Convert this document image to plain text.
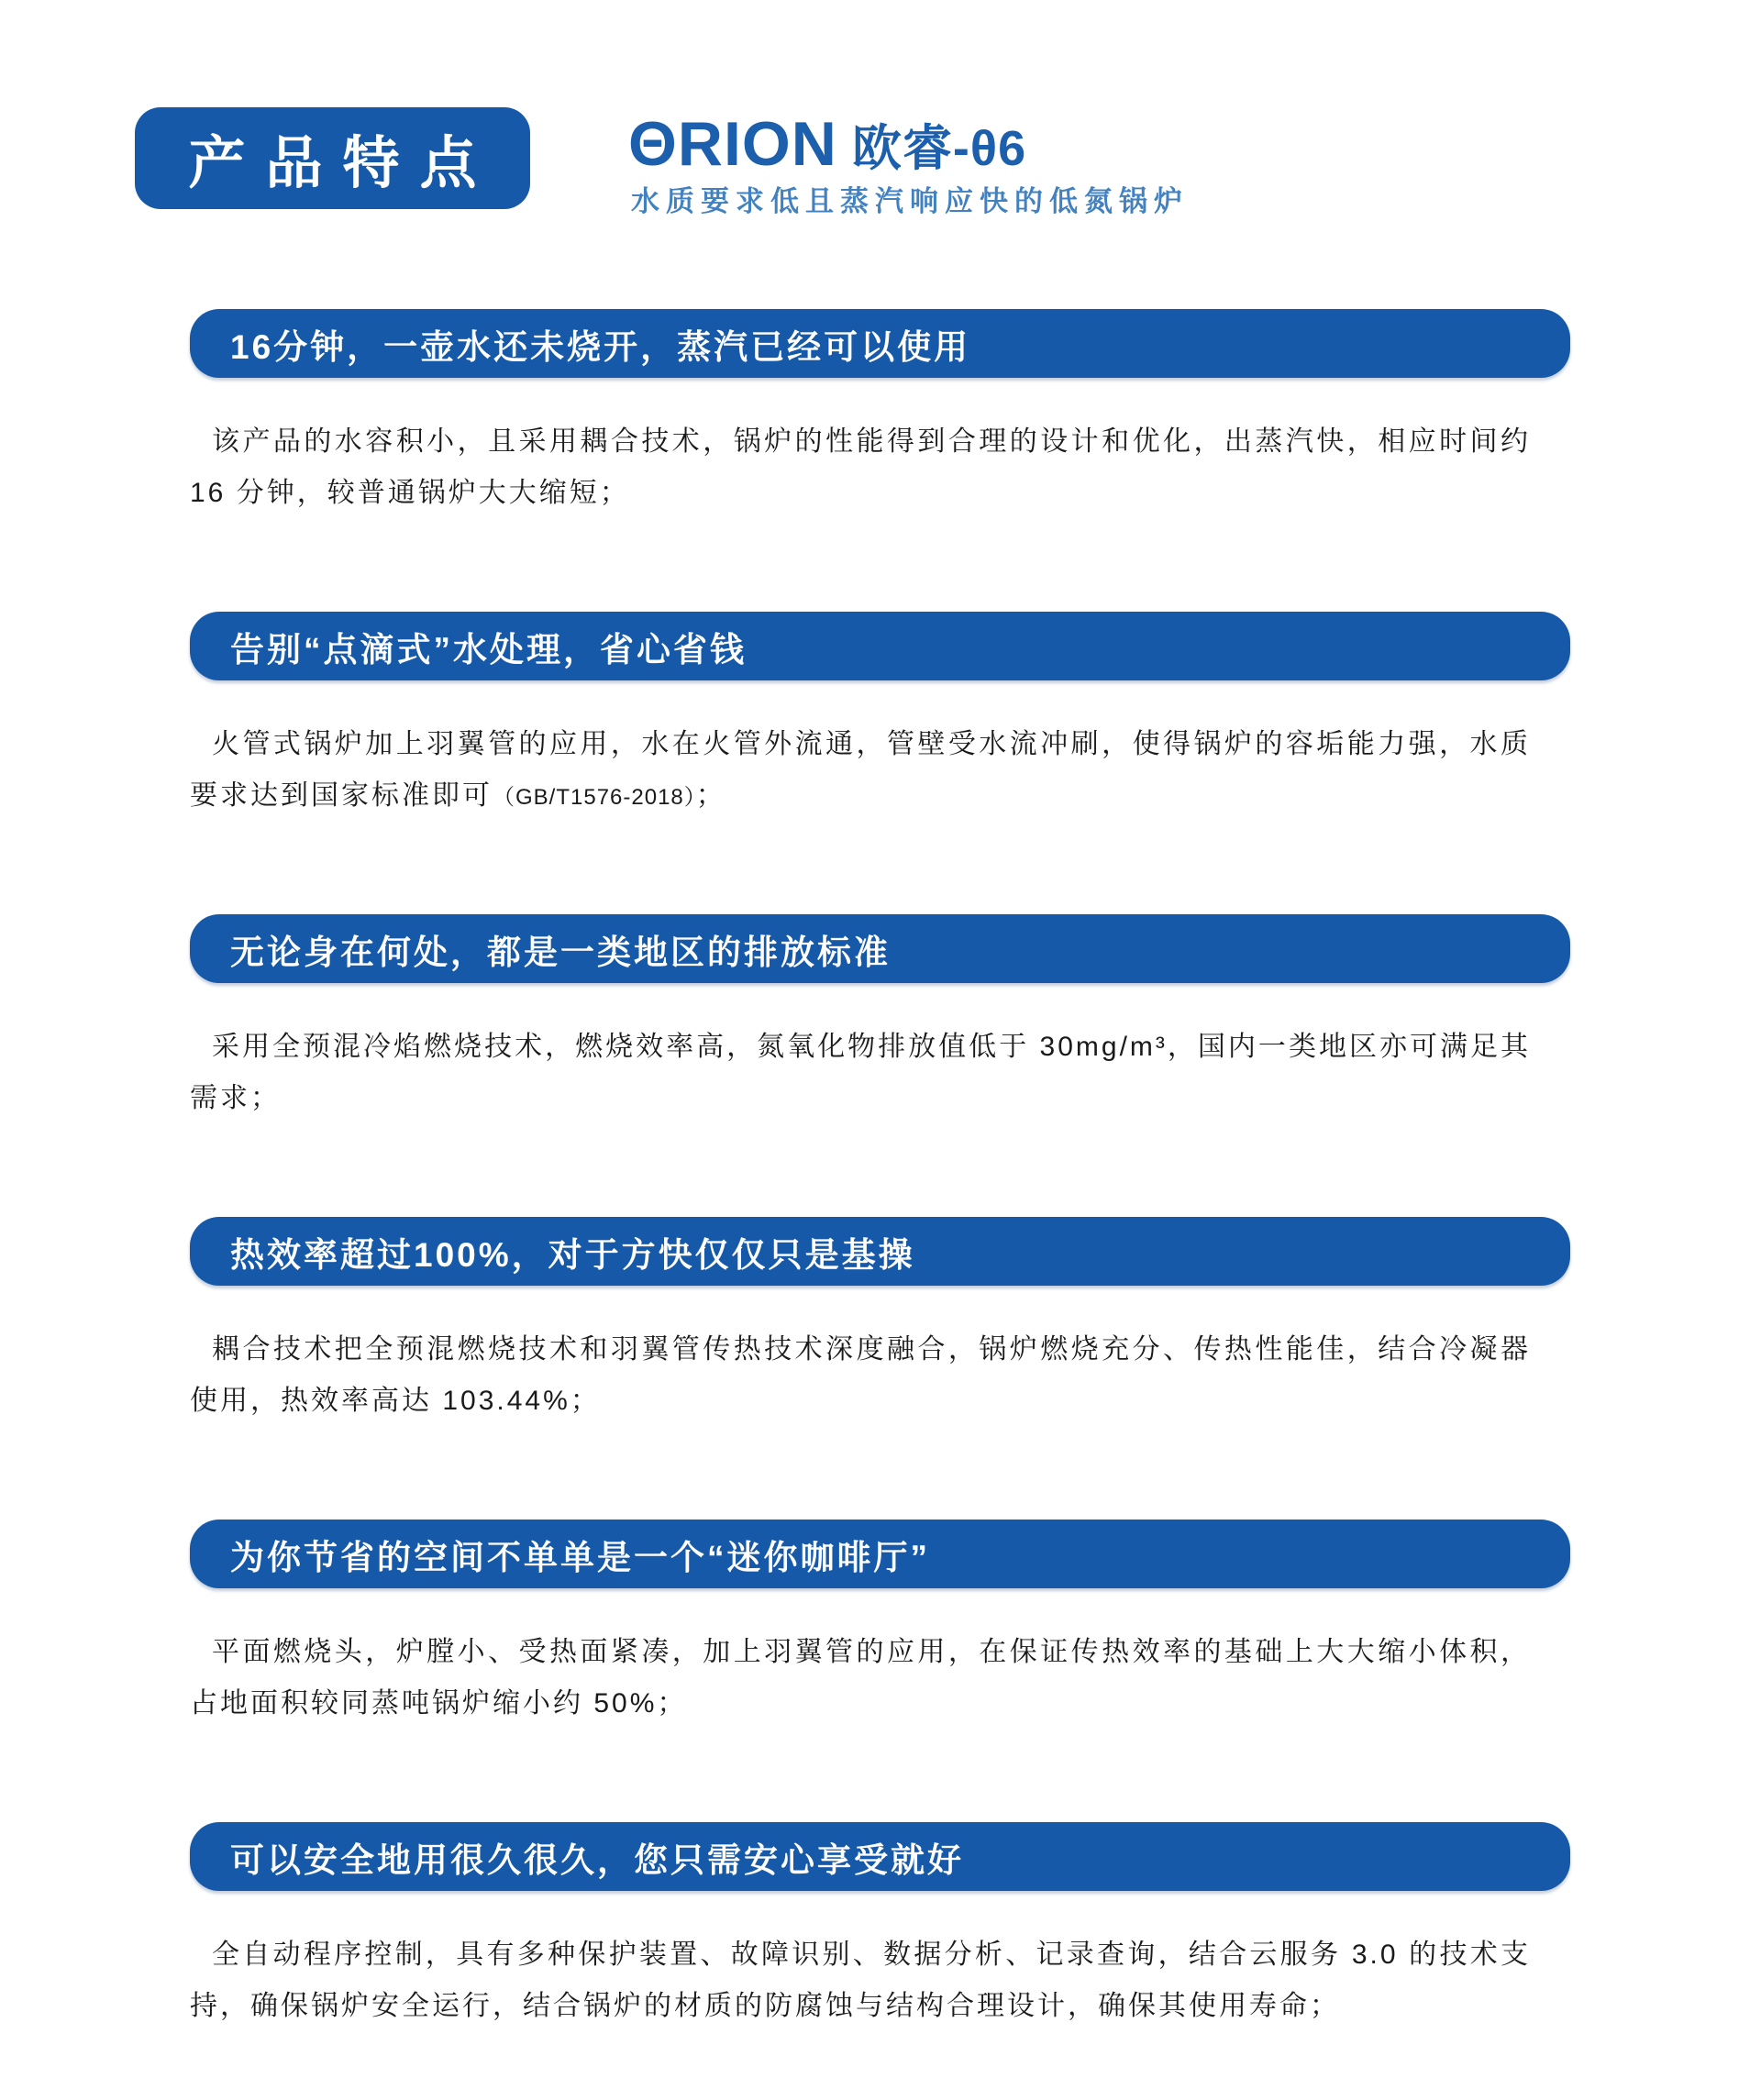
产品特点 ΘRION 欧睿-θ6
水质要求低且蒸汽响应快的低氮锅炉
16分钟，一壶水还未烧开，蒸汽已经可以使用
该产品的水容积小，且采用耦合技术，锅炉的性能得到合理的设计和优化，出蒸汽快，相应时间约16 分钟，较普通锅炉大大缩短；
告别“点滴式”水处理，省心省钱
火管式锅炉加上羽翼管的应用，水在火管外流通，管壁受水流冲刷，使得锅炉的容垢能力强，水质要求达到国家标准即可（GB/T1576-2018）；
无论身在何处，都是一类地区的排放标准
采用全预混冷焰燃烧技术，燃烧效率高，氮氧化物排放值低于 30mg/m³，国内一类地区亦可满足其需求；
热效率超过100%，对于方快仅仅只是基操
耦合技术把全预混燃烧技术和羽翼管传热技术深度融合，锅炉燃烧充分、传热性能佳，结合冷凝器使用，热效率高达 103.44%；
为你节省的空间不单单是一个“迷你咖啡厅”
平面燃烧头，炉膛小、受热面紧凑，加上羽翼管的应用，在保证传热效率的基础上大大缩小体积，占地面积较同蒸吨锅炉缩小约 50%；
可以安全地用很久很久，您只需安心享受就好
全自动程序控制，具有多种保护装置、故障识别、数据分析、记录查询，结合云服务 3.0 的技术支持，确保锅炉安全运行，结合锅炉的材质的防腐蚀与结构合理设计，确保其使用寿命；
